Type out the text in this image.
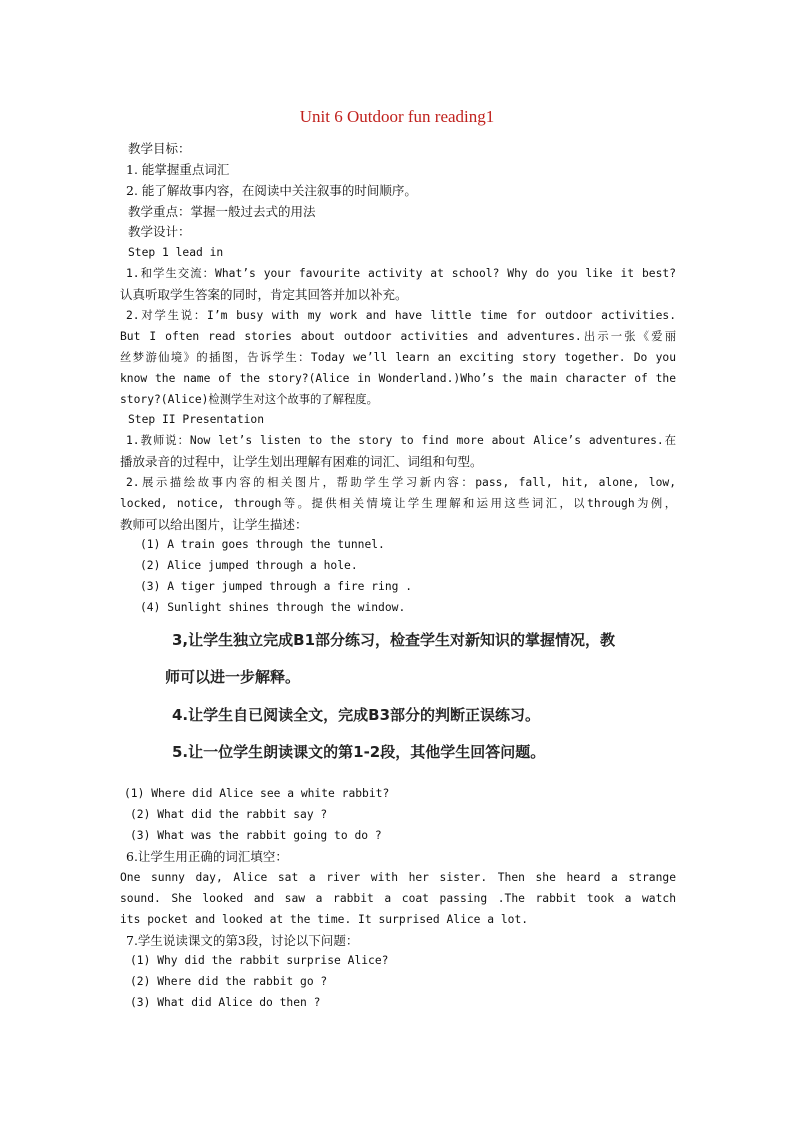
Unit 6 Outdoor fun reading1
教学目标：
1. 能掌握重点词汇
2. 能了解故事内容，在阅读中关注叙事的时间顺序。
教学重点：掌握一般过去式的用法
教学设计：
Step 1 lead in
1.和学生交流：What’s your favourite activity at school? Why do you like it best?
认真听取学生答案的同时，肯定其回答并加以补充。
2.对学生说：I’m busy with my work and have little time for outdoor activities.
But I often read stories about outdoor activities and adventures.出示一张《爱丽
丝梦游仙境》的插图，告诉学生：Today we’ll learn an exciting story together. Do you
know the name of the story?(Alice in Wonderland.)Who’s the main character of the
story?(Alice)检测学生对这个故事的了解程度。
Step II Presentation
1.教师说：Now let’s listen to the story to find more about Alice’s adventures.在
播放录音的过程中，让学生划出理解有困难的词汇、词组和句型。
2.展示描绘故事内容的相关图片，帮助学生学习新内容：pass, fall, hit, alone, low,
locked, notice, through等。提供相关情境让学生理解和运用这些词汇，以through为例，
教师可以给出图片，让学生描述：
(1) A train goes through the tunnel.
(2) Alice jumped through a hole.
(3) A tiger jumped through a fire ring .
(4) Sunlight shines through the window.
3,让学生独立完成B1部分练习，检查学生对新知识的掌握情况，教
师可以进一步解释。
4.让学生自已阅读全文，完成B3部分的判断正误练习。
5.让一位学生朗读课文的第1-2段，其他学生回答问题。
(1) Where did Alice see a white rabbit?
(2) What did the rabbit say ?
(3) What was the rabbit going to do ?
6.让学生用正确的词汇填空：
One sunny day, Alice sat a river with her sister. Then she heard a strange
sound. She looked and saw a rabbit a coat passing .The rabbit took a watch
its pocket and looked at the time. It surprised Alice a lot.
7.学生说读课文的第3段，讨论以下问题：
(1) Why did the rabbit surprise Alice?
(2) Where did the rabbit go ?
(3) What did Alice do then ?
